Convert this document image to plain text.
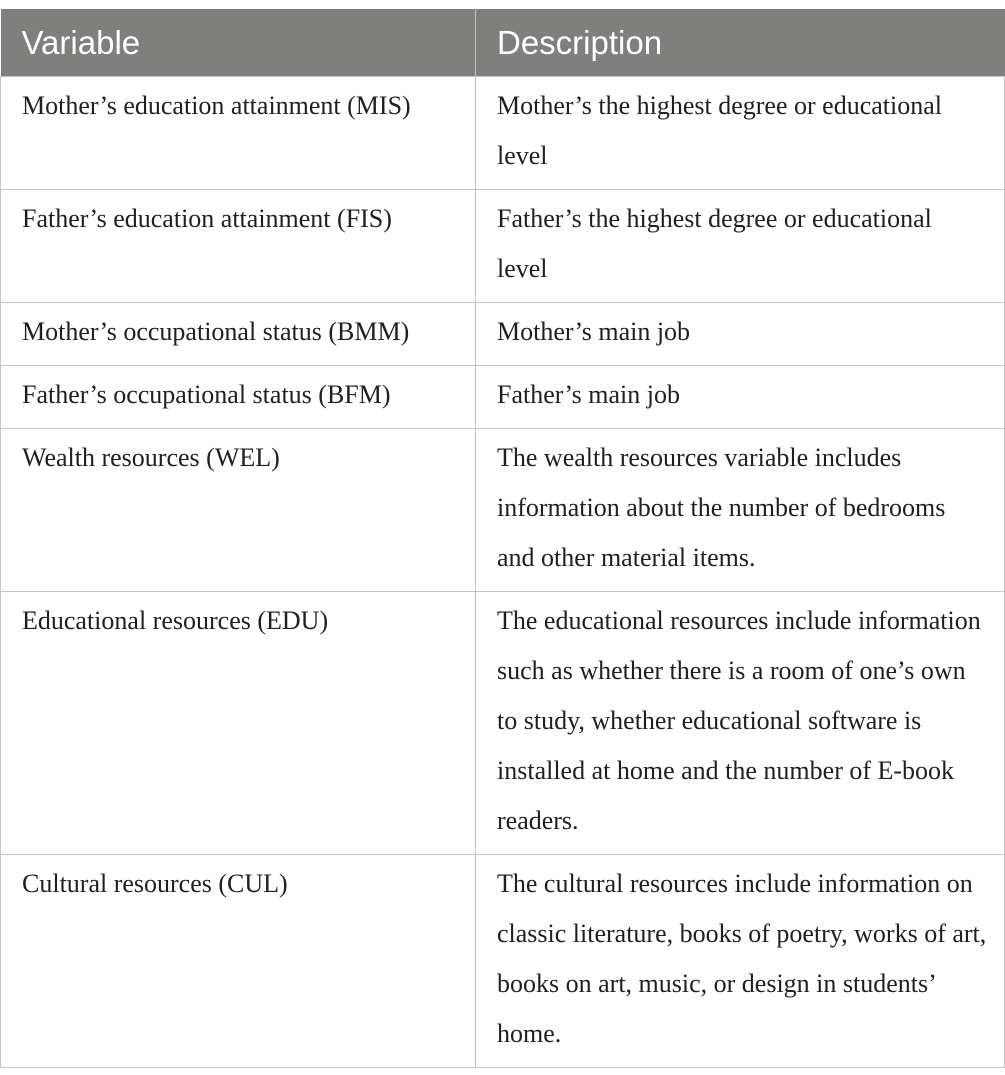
Variable	Description
Mother’s education attainment (MIS)	Mother’s the highest degree or educational level
Father’s education attainment (FIS)	Father’s the highest degree or educational level
Mother’s occupational status (BMM)	Mother’s main job
Father’s occupational status (BFM)	Father’s main job
Wealth resources (WEL)	The wealth resources variable includes information about the number of bedrooms and other material items.
Educational resources (EDU)	The educational resources include information such as whether there is a room of one’s own to study, whether educational software is installed at home and the number of E-book readers.
Cultural resources (CUL)	The cultural resources include information on classic literature, books of poetry, works of art, books on art, music, or design in students’ home.
